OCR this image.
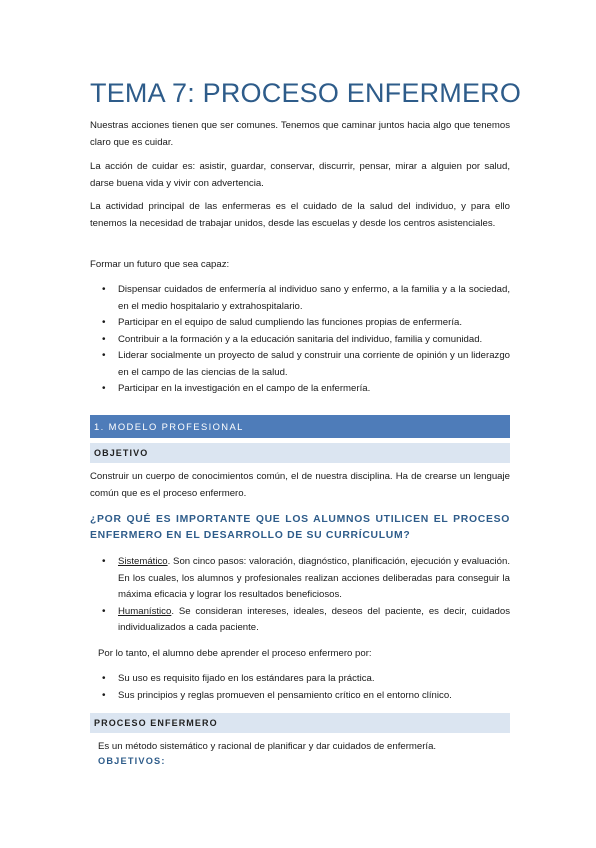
TEMA 7: PROCESO ENFERMERO
Nuestras acciones tienen que ser comunes. Tenemos que caminar juntos hacia algo que tenemos claro que es cuidar.
La acción de cuidar es: asistir, guardar, conservar, discurrir, pensar, mirar a alguien por salud, darse buena vida y vivir con advertencia.
La actividad principal de las enfermeras es el cuidado de la salud del individuo, y para ello tenemos la necesidad de trabajar unidos, desde las escuelas y desde los centros asistenciales.
Formar un futuro que sea capaz:
• Dispensar cuidados de enfermería al individuo sano y enfermo, a la familia y a la sociedad, en el medio hospitalario y extrahospitalario.
• Participar en el equipo de salud cumpliendo las funciones propias de enfermería.
• Contribuir a la formación y a la educación sanitaria del individuo, familia y comunidad.
• Liderar socialmente un proyecto de salud y construir una corriente de opinión y un liderazgo en el campo de las ciencias de la salud.
• Participar en la investigación en el campo de la enfermería.
1. MODELO PROFESIONAL
OBJETIVO
Construir un cuerpo de conocimientos común, el de nuestra disciplina. Ha de crearse un lenguaje común que es el proceso enfermero.
¿POR QUÉ ES IMPORTANTE QUE LOS ALUMNOS UTILICEN EL PROCESO ENFERMERO EN EL DESARROLLO DE SU CURRÍCULUM?
• Sistemático. Son cinco pasos: valoración, diagnóstico, planificación, ejecución y evaluación. En los cuales, los alumnos y profesionales realizan acciones deliberadas para conseguir la máxima eficacia y lograr los resultados beneficiosos.
• Humanístico. Se consideran intereses, ideales, deseos del paciente, es decir, cuidados individualizados a cada paciente.
Por lo tanto, el alumno debe aprender el proceso enfermero por:
• Su uso es requisito fijado en los estándares para la práctica.
• Sus principios y reglas promueven el pensamiento crítico en el entorno clínico.
PROCESO ENFERMERO
Es un método sistemático y racional de planificar y dar cuidados de enfermería.
OBJETIVOS:
